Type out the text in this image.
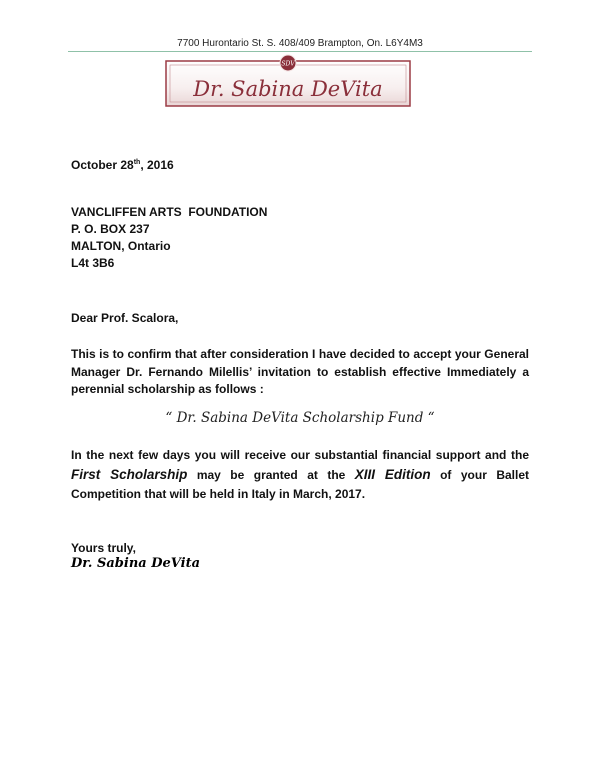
7700 Hurontario St. S. 408/409 Brampton, On. L6Y4M3
SDV
Dr. Sabina DeVita
October 28th, 2016
VANCLIFFEN ARTS  FOUNDATION
P. O. BOX 237
MALTON, Ontario
L4t 3B6
Dear Prof. Scalora,
This is to confirm that after consideration I have decided to accept your General Manager Dr. Fernando Milellis’ invitation to establish effective Immediately a perennial scholarship as follows :
“ Dr. Sabina DeVita Scholarship Fund “
In the next few days you will receive our substantial financial support and the First Scholarship may be granted at the XIII Edition of your Ballet Competition that will be held in Italy in March, 2017.
Yours truly,
Dr. Sabina DeVita
